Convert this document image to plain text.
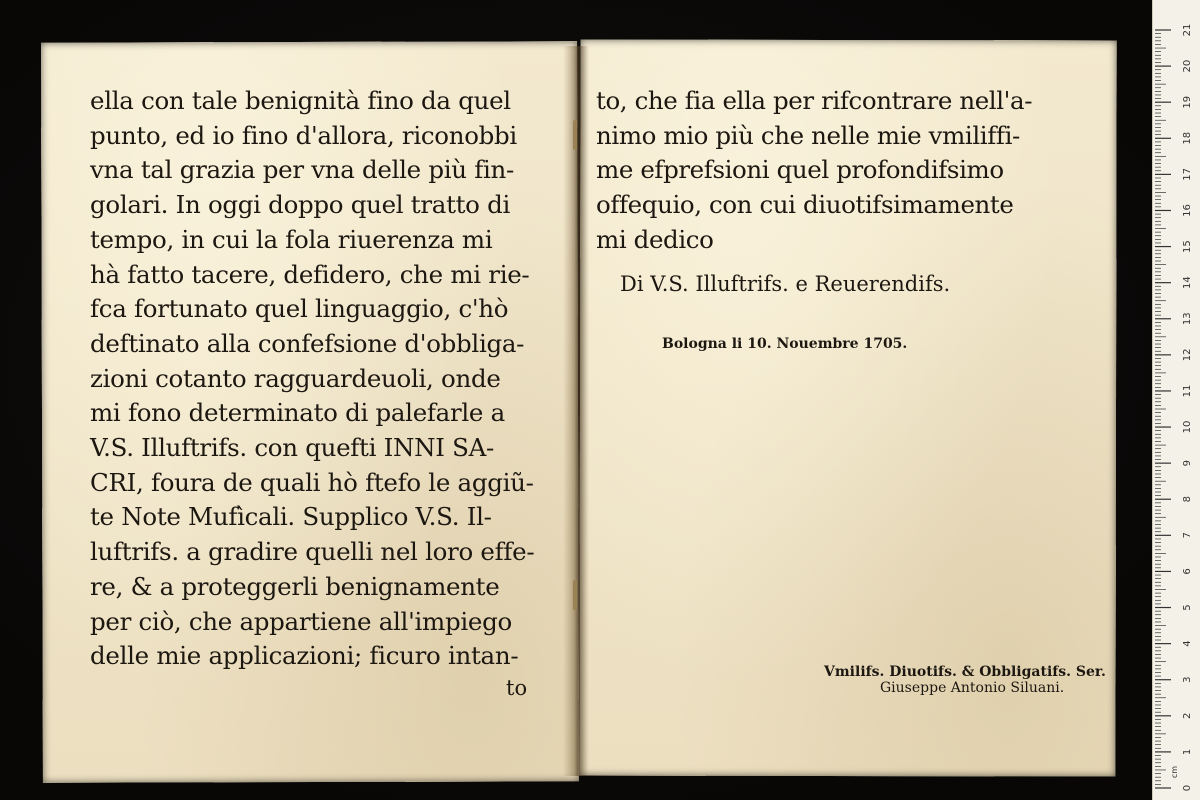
ella con tale benignità fino da quel
punto, ed io fino d'allora, riconobbi
vna tal grazia per vna delle più fin-
golari. In oggi doppo quel tratto di
tempo, in cui la fola riuerenza mi
hà fatto tacere, defidero, che mi rie-
fca fortunato quel linguaggio, c'hò
deftinato alla confefsione d'obbliga-
zioni cotanto ragguardeuoli, onde
mi fono determinato di palefarle a
V.S. Illuftrifs. con quefti INNI SA-
CRI, foura de quali hò ftefo le aggiũ-
te Note Mufìcali. Supplico V.S. Il-
luftrifs. a gradire quelli nel loro effe-
re, & a proteggerli benignamente
per ciò, che appartiene all'impiego
delle mie applicazioni; ficuro intan-
to
to, che fia ella per rifcontrare nell'a-
nimo mio più che nelle mie vmiliffi-
me efprefsioni quel profondifsimo
offequio, con cui diuotifsimamente
mi dedico
Di V.S. Illuftrifs. e Reuerendifs.
Bologna li 10. Nouembre 1705.
Vmilifs. Diuotifs. & Obbligatifs. Ser.
Giuseppe Antonio Siluani.
0
1
2
3
4
5
6
7
8
9
10
11
12
13
14
15
16
17
18
19
20
21
cm
